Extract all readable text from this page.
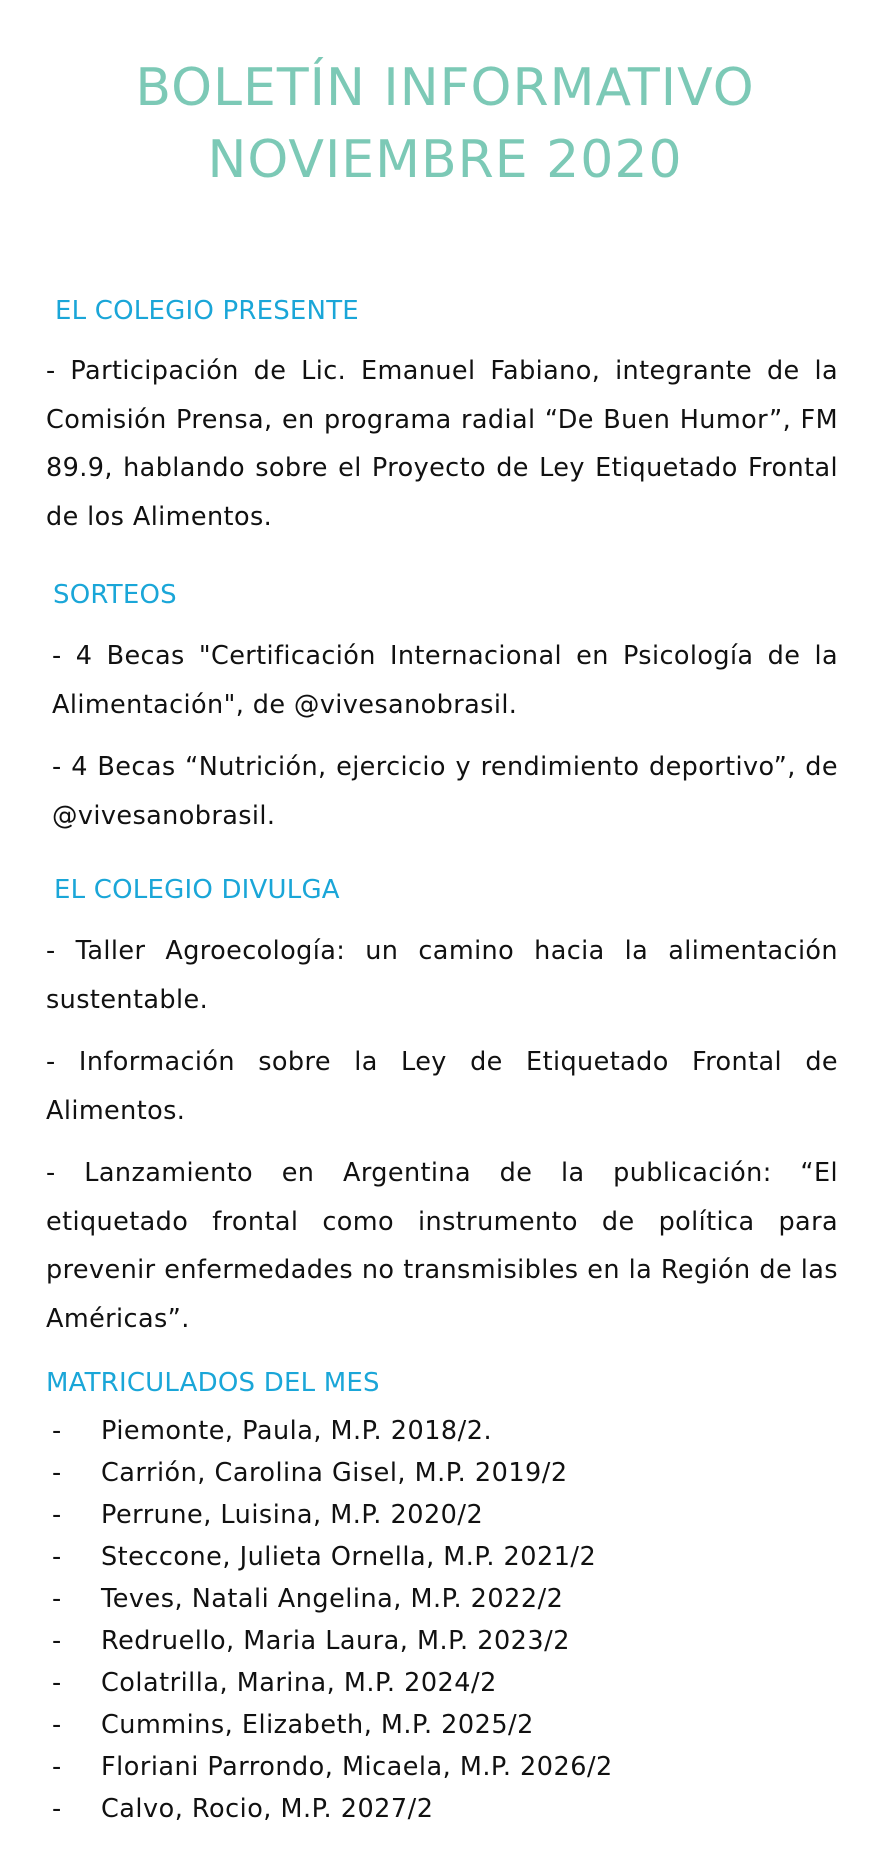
BOLETÍN INFORMATIVO
NOVIEMBRE 2020
EL COLEGIO PRESENTE

- Participación de Lic. Emanuel Fabiano, integrante de la Comisión Prensa, en programa radial “De Buen Humor”, FM 89.9, hablando sobre el Proyecto de Ley Etiquetado Frontal de los Alimentos.

SORTEOS

- 4 Becas "Certificación Internacional en Psicología de la Alimentación", de @vivesanobrasil.

- 4 Becas “Nutrición, ejercicio y rendimiento deportivo”, de @vivesanobrasil.

EL COLEGIO DIVULGA

- Taller Agroecología: un camino hacia la alimentación sustentable.

- Información sobre la Ley de Etiquetado Frontal de Alimentos.

- Lanzamiento en Argentina de la publicación: “El etiquetado frontal como instrumento de política para prevenir enfermedades no transmisibles en la Región de las Américas”.

MATRICULADOS DEL MES
-	Piemonte, Paula, M.P. 2018/2.
-	Carrión, Carolina Gisel, M.P. 2019/2
-	Perrune, Luisina, M.P. 2020/2
-	Steccone, Julieta Ornella, M.P. 2021/2
-	Teves, Natali Angelina, M.P. 2022/2
-	Redruello, Maria Laura, M.P. 2023/2
-	Colatrilla, Marina, M.P. 2024/2
-	Cummins, Elizabeth, M.P. 2025/2
-	Floriani Parrondo, Micaela, M.P. 2026/2
-	Calvo, Rocio, M.P. 2027/2
